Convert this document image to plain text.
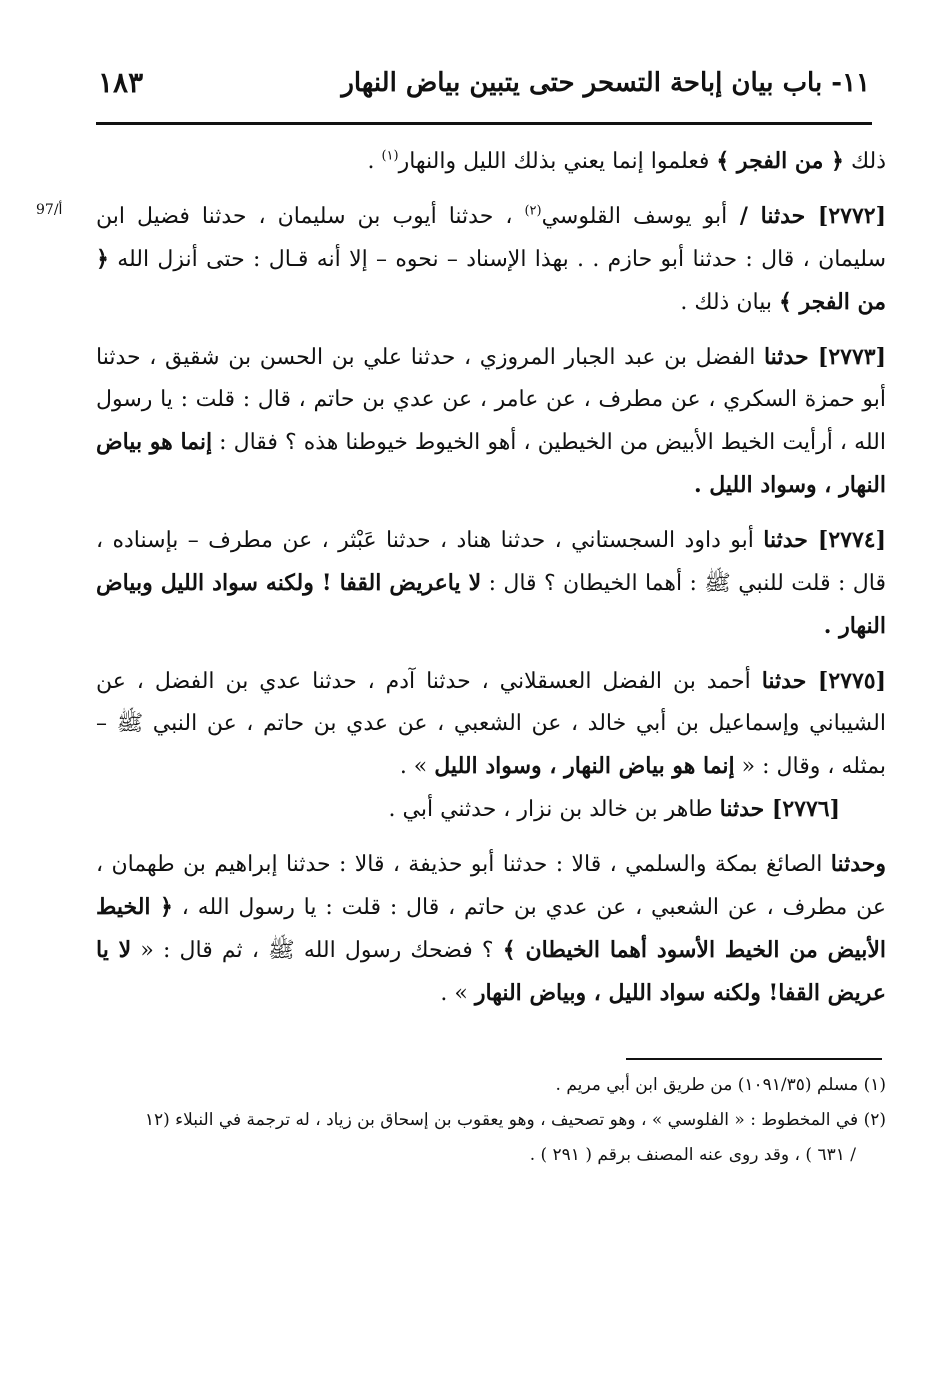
١١- باب بيان إباحة التسحر حتى يتبين بياض النهار
١٨٣
97/أ

ذلك ﴿ من الفجر ﴾ فعلموا إنما يعني بذلك الليل والنهار$^{(١)}$ .

[٢٧٧٢] حدثنا / أبو يوسف القلوسي$^{(٢)}$ ، حدثنا أيوب بن سليمان ، حدثنا فضيل ابن سليمان ، قال : حدثنا أبو حازم . . بهذا الإسناد – نحوه – إلا أنه قـال : حتى أنزل الله ﴿ من الفجر ﴾ بيان ذلك .

[٢٧٧٣] حدثنا الفضل بن عبد الجبار المروزي ، حدثنا علي بن الحسن بن شقيق ، حدثنا أبو حمزة السكري ، عن مطرف ، عن عامر ، عن عدي بن حاتم ، قال : قلت : يا رسول الله ، أرأيت الخيط الأبيض من الخيطين ، أهو الخيوط خيوطنا هذه ؟ فقال : إنما هو بياض النهار ، وسواد الليل .

[٢٧٧٤] حدثنا أبو داود السجستاني ، حدثنا هناد ، حدثنا عَبْثر ، عن مطرف – بإسناده ، قال : قلت للنبي ﷺ : أهما الخيطان ؟ قال : لا ياعريض القفا ! ولكنه سواد الليل وبياض النهار .

[٢٧٧٥] حدثنا أحمد بن الفضل العسقلاني ، حدثنا آدم ، حدثنا عدي بن الفضل ، عن الشيباني وإسماعيل بن أبي خالد ، عن الشعبي ، عن عدي بن حاتم ، عن النبي ﷺ – بمثله ، وقال : « إنما هو بياض النهار ، وسواد الليل » .

[٢٧٧٦] حدثنا طاهر بن خالد بن نزار ، حدثني أبي .

وحدثنا الصائغ بمكة والسلمي ، قالا : حدثنا أبو حذيفة ، قالا : حدثنا إبراهيم بن طهمان ، عن مطرف ، عن الشعبي ، عن عدي بن حاتم ، قال : قلت : يا رسول الله ، ﴿ الخيط الأبيض من الخيط الأسود أهما الخيطان ﴾ ؟ فضحك رسول الله ﷺ ، ثم قال : « لا يا عريض القفا! ولكنه سواد الليل ، وبياض النهار » .

(١) مسلم (١٠٩١/٣٥) من طريق ابن أبي مريم .

(٢) في المخطوط : « الفلوسي » ، وهو تصحيف ، وهو يعقوب بن إسحاق بن زياد ، له ترجمة في النبلاء (١٢

/ ٦٣١ ) ، وقد روى عنه المصنف برقم ( ٢٩١ ) .
